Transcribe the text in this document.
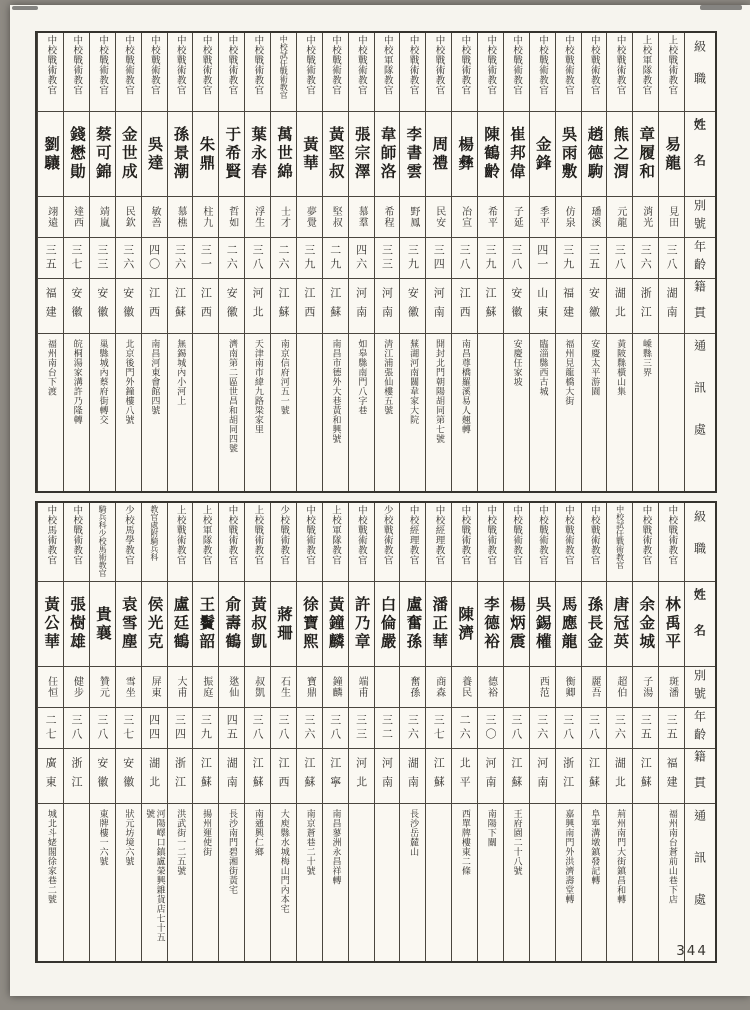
級職
姓名
別號
年齡
籍貫
通訊處
上校戰術教官
易龍
見田
三八
湖南
上校軍隊教官
章履和
消光
三六
浙江
嵊縣三界
中校戰術教官
熊之渭
元龍
三八
湖北
黃陂縣橫山集
中校戰術教官
趙德駒
璠溪
三五
安徽
安慶太平游園
中校戰術教官
吳雨敷
仿泉
三九
福建
福州見龍橋大街
中校戰術教官
金鋒
季平
四一
山東
臨淄縣西古城
中校戰術教官
崔邦偉
子延
三八
安徽
安慶任家坡
中校戰術教官
陳鶴齡
希平
三九
江蘇
中校戰術教官
楊彝
冶宣
三八
江西
南昌尊橋羅溪易人翹轉
中校戰術教官
周禮
民安
三四
河南
開封北門朝陽胡同第七號
中校戰術教官
李書雲
野鳳
三九
安徽
蕪湖河南關韋家大院
中校軍隊教官
韋師洛
希程
三三
河南
清江浦張仙樓五號
中校戰術教官
張宗澤
慕羣
四六
河南
如皋縣南門八字巷
中校戰術教官
黃堅叔
堅叔
二九
江蘇
南昌市德外大巷黃和興號
中校戰術教官
黃華
夢覺
三九
江西
中校試任戰術教官
萬世綿
士才
二六
江蘇
南京信府河五一號
中校戰術教官
葉永春
浮生
三八
河北
天津南市緯九路梁家里
中校戰術教官
于希賢
哲如
二六
安徽
濟南第二區世昌和胡同四號
中校戰術教官
朱鼎
柱九
三一
江西
中校戰術教官
孫景潮
慕樵
三六
江蘇
無錫城內小河上
中校戰術教官
吳達
敏善
四〇
江西
南昌河東會館四號
中校戰術教官
金世成
民欽
三六
安徽
北京後門外鐘樓八號
中校戰術教官
蔡可錦
靖嵐
三三
安徽
巢縣城內蔡府街轉交
中校戰術教官
錢懋勛
達西
三七
安徽
皖桐湯家溝許乃隆轉
中校戰術教官
劉驤
翊遠
三五
福建
福州南台下渡
級職
姓名
別號
年齡
籍貫
通訊處
中校戰術教官
林禹平
斑潘
三五
福建
福州南台蒼前山巷下店
中校戰術教官
余金城
子湯
三五
江蘇
中校試任戰術教官
唐冠英
超伯
三六
湖北
荊州南門大街鎮昌和轉
中校戰術教官
孫長金
麗吾
三八
江蘇
阜寧溝墩鎮發記轉
中校戰術教官
馬應龍
衡卿
三八
浙江
嘉興南門外洪濟壽堂轉
中校戰術教官
吳錫權
西范
三六
河南
中校戰術教官
楊炳震
三八
江蘇
王府園二十八號
中校戰術教官
李德裕
德裕
三〇
河南
南陽下關
中校戰術教官
陳濟
養民
二六
北平
西單牌樓東二條
中校經理教官
潘正華
商森
三七
江蘇
中校經理教官
盧奮孫
奮孫
三六
湖南
長沙岳麓山
少校戰術教官
白倫嚴
三二
河南
中校戰術教官
許乃章
端甫
三三
河北
上校軍隊教官
黃鐘麟
鐘麟
三八
江寧
南昌蓼洲永昌祥轉
中校戰術教官
徐寶熙
寶鼎
三六
江蘇
南京蒼巷二十號
少校戰術教官
蔣珊
石生
三八
江西
大庾縣水城梅山門內本宅
上校戰術教官
黃叔凱
叔凱
三八
江蘇
南通興仁鄉
中校戰術教官
俞壽鶴
逖仙
四五
湖南
長沙南門碧湘街黃宅
上校軍隊教官
王鬢韶
振庭
三九
江蘇
揚州運使街
上校戰術教官
盧廷鶴
大甫
三四
浙江
洪武街一二五號
教官處附騎兵科
侯光克
屏東
四四
湖北
河陽嶧口鎮盧榮興雜貨店七十五號
少校馬學教官
袁雪塵
雪坐
三七
安徽
狀元坊境六號
騎兵科少校馬術教官
貴襄
贊元
三八
安徽
東牌樓一六號
中校戰術教官
張樹雄
健步
三八
浙江
中校馬術教官
黃公華
任恒
二七
廣東
城北斗姥閣徐家巷二號
344
